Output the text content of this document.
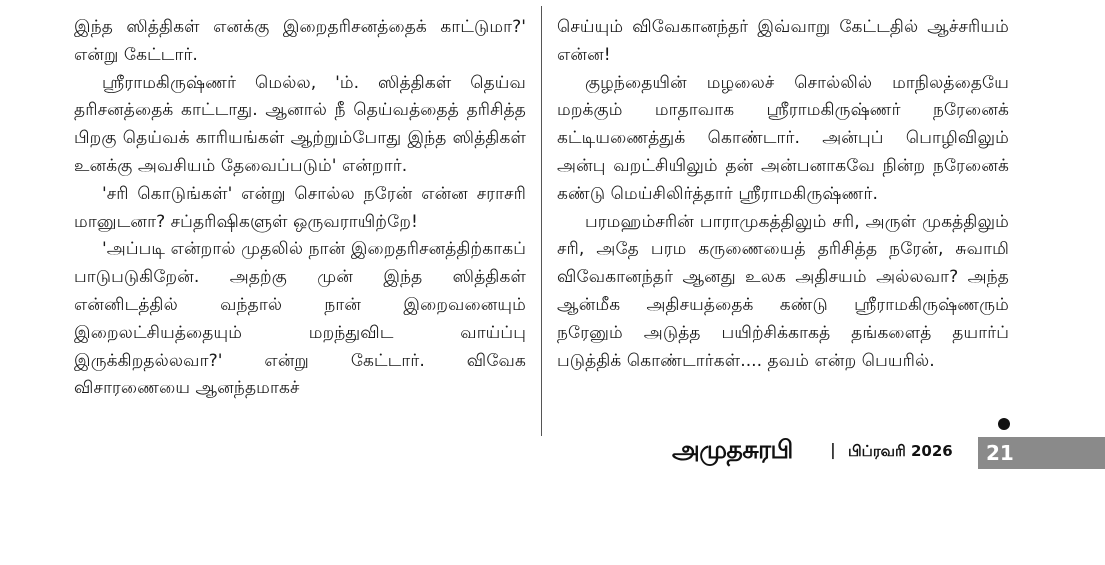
இந்த ஸித்திகள் எனக்கு இறைதரிசனத்தைக் காட்டுமா?' என்று கேட்டார்.

ஸ்ரீராமகிருஷ்ணர் மெல்ல, 'ம். ஸித்திகள் தெய்வ தரிசனத்தைக் காட்டாது. ஆனால் நீ தெய்வத்தைத் தரிசித்த பிறகு தெய்வக் காரியங்கள் ஆற்றும்போது இந்த ஸித்திகள் உனக்கு அவசியம் தேவைப்படும்' என்றார்.

'சரி கொடுங்கள்' என்று சொல்ல நரேன் என்ன சராசரி மானுடனா? சப்தரிஷிகளுள் ஒருவராயிற்றே!

'அப்படி என்றால் முதலில் நான் இறைதரிசனத்திற்காகப் பாடுபடுகிறேன். அதற்கு முன் இந்த ஸித்திகள் என்னிடத்தில் வந்தால் நான் இறைவனையும் இறைலட்சியத்தையும் மறந்துவிட வாய்ப்பு இருக்கிறதல்லவா?' என்று கேட்டார். விவேக விசாரணையை ஆனந்தமாகச்

செய்யும் விவேகானந்தர் இவ்வாறு கேட்டதில் ஆச்சரியம் என்ன!

குழந்தையின் மழலைச் சொல்லில் மாநிலத்தையே மறக்கும் மாதாவாக ஸ்ரீராமகிருஷ்ணர் நரேனைக் கட்டியணைத்துக் கொண்டார். அன்புப் பொழிவிலும் அன்பு வறட்சியிலும் தன் அன்பனாகவே நின்ற நரேனைக் கண்டு மெய்சிலிர்த்தார் ஸ்ரீராமகிருஷ்ணர்.

பரமஹம்சரின் பாராமுகத்திலும் சரி, அருள் முகத்திலும் சரி, அதே பரம கருணையைத் தரிசித்த நரேன், சுவாமி விவேகானந்தர் ஆனது உலக அதிசயம் அல்லவா? அந்த ஆன்மீக அதிசயத்தைக் கண்டு ஸ்ரீராமகிருஷ்ணரும் நரேனும் அடுத்த பயிற்சிக்காகத் தங்களைத் தயார்ப் படுத்திக் கொண்டார்கள்.... தவம் என்ற பெயரில்.

அமுதசுரபி | பிப்ரவரி 2026	21
